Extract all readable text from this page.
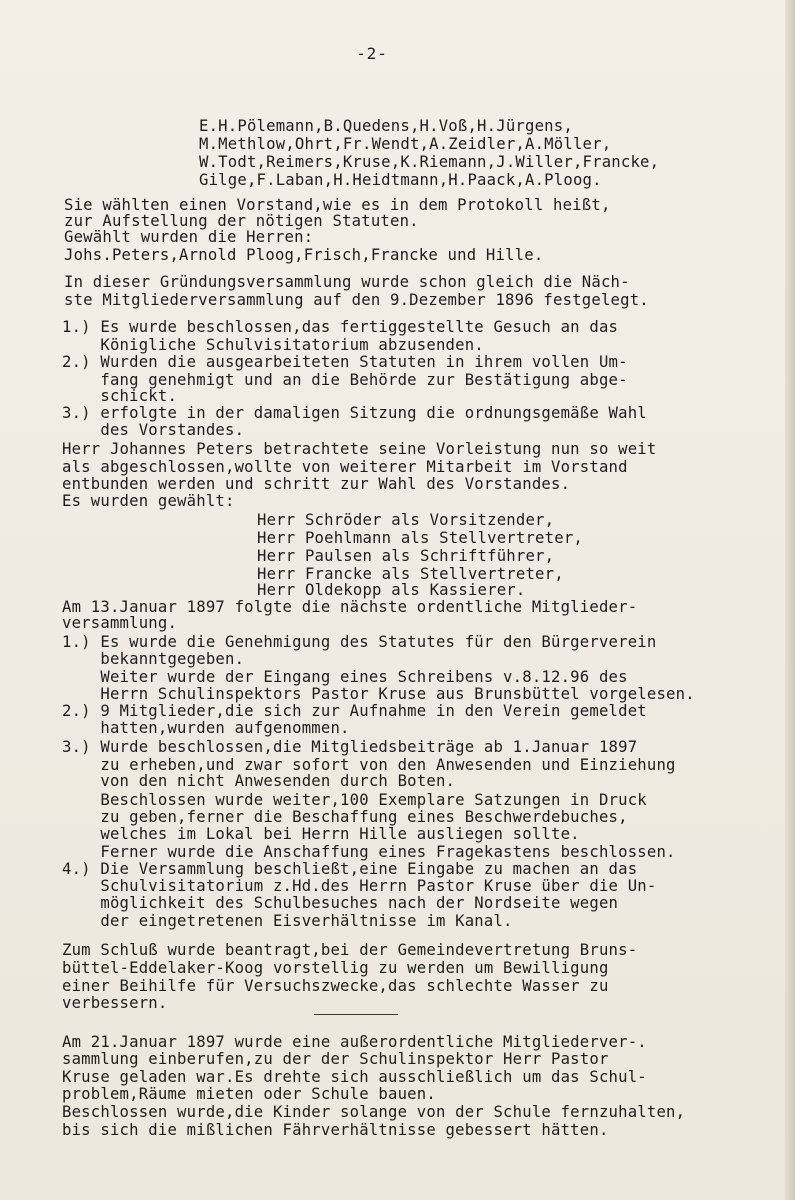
-2-
E.H.Pölemann,B.Quedens,H.Voß,H.Jürgens,
M.Methlow,Ohrt,Fr.Wendt,A.Zeidler,A.Möller,
W.Todt,Reimers,Kruse,K.Riemann,J.Willer,Francke,
Gilge,F.Laban,H.Heidtmann,H.Paack,A.Ploog.
Sie wählten einen Vorstand,wie es in dem Protokoll heißt,
zur Aufstellung der nötigen Statuten.
Gewählt wurden die Herren:
Johs.Peters,Arnold Ploog,Frisch,Francke und Hille.
In dieser Gründungsversammlung wurde schon gleich die Näch-
ste Mitgliederversammlung auf den 9.Dezember 1896 festgelegt.
1.) Es wurde beschlossen,das fertiggestellte Gesuch an das
Königliche Schulvisitatorium abzusenden.
2.) Wurden die ausgearbeiteten Statuten in ihrem vollen Um-
fang genehmigt und an die Behörde zur Bestätigung abge-
schickt.
3.) erfolgte in der damaligen Sitzung die ordnungsgemäße Wahl
des Vorstandes.
Herr Johannes Peters betrachtete seine Vorleistung nun so weit
als abgeschlossen,wollte von weiterer Mitarbeit im Vorstand
entbunden werden und schritt zur Wahl des Vorstandes.
Es wurden gewählt:
Herr Schröder als Vorsitzender,
Herr Poehlmann als Stellvertreter,
Herr Paulsen als Schriftführer,
Herr Francke als Stellvertreter,
Herr Oldekopp als Kassierer.
Am 13.Januar 1897 folgte die nächste ordentliche Mitglieder-
versammlung.
1.) Es wurde die Genehmigung des Statutes für den Bürgerverein
bekanntgegeben.
Weiter wurde der Eingang eines Schreibens v.8.12.96 des
Herrn Schulinspektors Pastor Kruse aus Brunsbüttel vorgelesen.
2.) 9 Mitglieder,die sich zur Aufnahme in den Verein gemeldet
hatten,wurden aufgenommen.
3.) Wurde beschlossen,die Mitgliedsbeiträge ab 1.Januar 1897
zu erheben,und zwar sofort von den Anwesenden und Einziehung
von den nicht Anwesenden durch Boten.
Beschlossen wurde weiter,100 Exemplare Satzungen in Druck
zu geben,ferner die Beschaffung eines Beschwerdebuches,
welches im Lokal bei Herrn Hille ausliegen sollte.
Ferner wurde die Anschaffung eines Fragekastens beschlossen.
4.) Die Versammlung beschließt,eine Eingabe zu machen an das
Schulvisitatorium z.Hd.des Herrn Pastor Kruse über die Un-
möglichkeit des Schulbesuches nach der Nordseite wegen
der eingetretenen Eisverhältnisse im Kanal.
Zum Schluß wurde beantragt,bei der Gemeindevertretung Bruns-
büttel-Eddelaker-Koog vorstellig zu werden um Bewilligung
einer Beihilfe für Versuchszwecke,das schlechte Wasser zu
verbessern.
Am 21.Januar 1897 wurde eine außerordentliche Mitgliederver-.
sammlung einberufen,zu der der Schulinspektor Herr Pastor
Kruse geladen war.Es drehte sich ausschließlich um das Schul-
problem,Räume mieten oder Schule bauen.
Beschlossen wurde,die Kinder solange von der Schule fernzuhalten,
bis sich die mißlichen Fährverhältnisse gebessert hätten.
